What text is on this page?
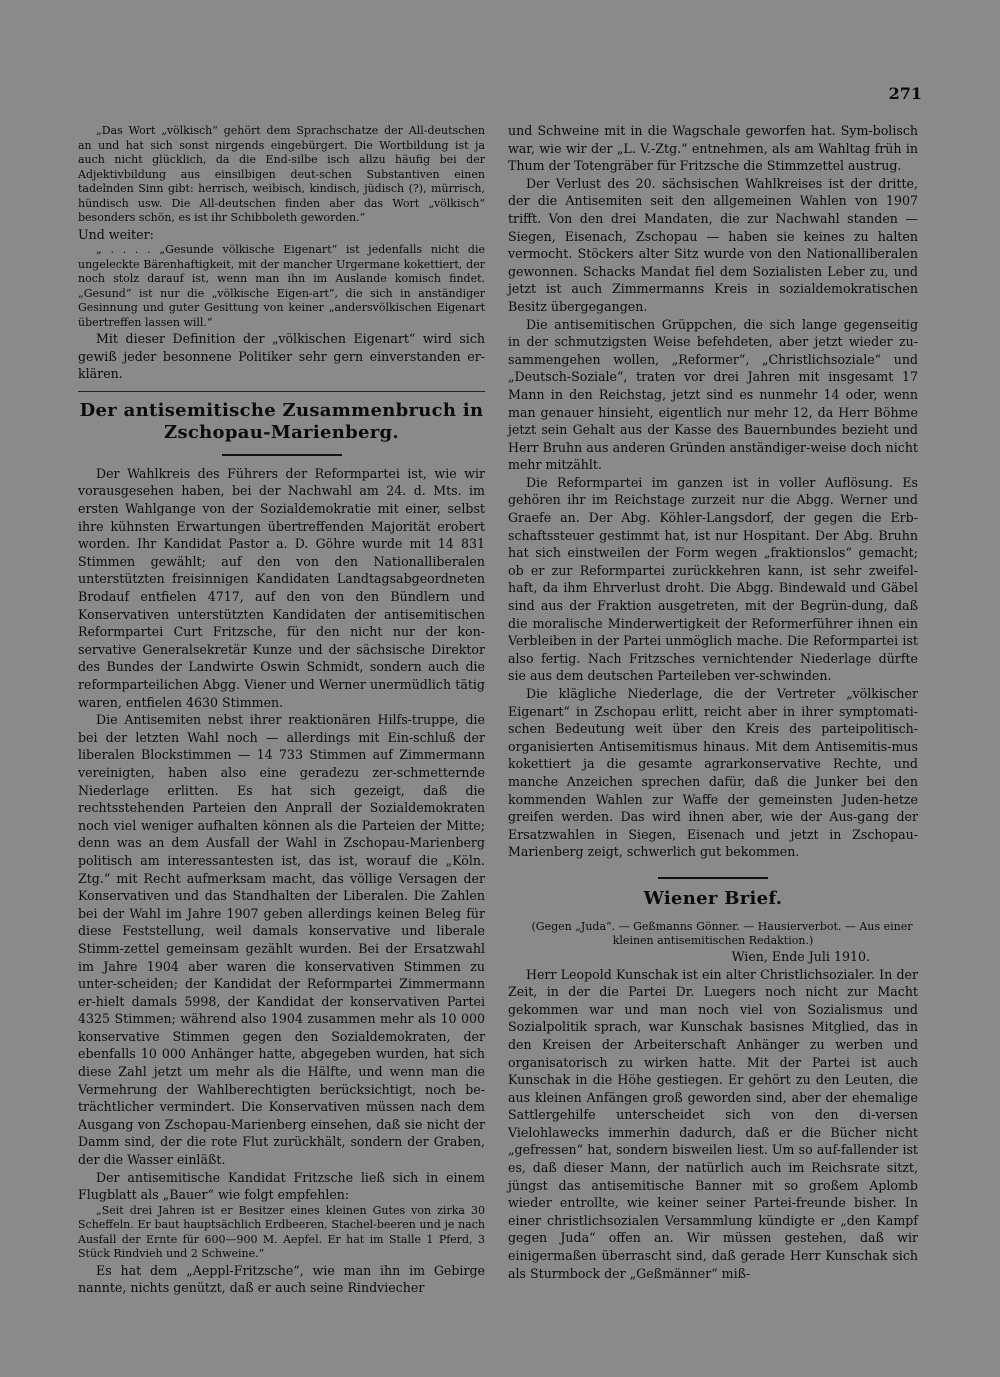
271

„Das Wort „völkisch“ gehört dem Sprachschatze der All-deutschen an und hat sich sonst nirgends eingebürgert. Die Wortbildung ist ja auch nicht glücklich, da die End-silbe isch allzu häufig bei der Adjektivbildung aus einsilbigen deut-schen Substantiven einen tadelnden Sinn gibt: herrisch, weibisch, kindisch, jüdisch (?), mürrisch, hündisch usw. Die All-deutschen finden aber das Wort „völkisch“ besonders schön, es ist ihr Schibboleth geworden.“

Und weiter:

„ . . . . „Gesunde völkische Eigenart“ ist jedenfalls nicht die ungeleckte Bärenhaftigkeit, mit der mancher Urgermane kokettiert, der noch stolz darauf ist, wenn man ihn im Auslande komisch findet. „Gesund“ ist nur die „völkische Eigen-art“, die sich in anständiger Gesinnung und guter Gesittung von keiner „andersvölkischen Eigenart übertreffen lassen will.“

Mit dieser Definition der „völkischen Eigenart“ wird sich gewiß jeder besonnene Politiker sehr gern einverstanden er-klären.

Der antisemitische Zusammenbruch in Zschopau-Marienberg.

Der Wahlkreis des Führers der Reformpartei ist, wie wir vorausgesehen haben, bei der Nachwahl am 24. d. Mts. im ersten Wahlgange von der Sozialdemokratie mit einer, selbst ihre kühnsten Erwartungen übertreffenden Majorität erobert worden. Ihr Kandidat Pastor a. D. Göhre wurde mit 14 831 Stimmen gewählt; auf den von den Nationalliberalen unterstützten freisinnigen Kandidaten Landtagsabgeordneten Brodauf entfielen 4717, auf den von den Bündlern und Konservativen unterstützten Kandidaten der antisemitischen Reformpartei Curt Fritzsche, für den nicht nur der kon-servative Generalsekretär Kunze und der sächsische Direktor des Bundes der Landwirte Oswin Schmidt, sondern auch die reformparteilichen Abgg. Viener und Werner unermüdlich tätig waren, entfielen 4630 Stimmen.

Die Antisemiten nebst ihrer reaktionären Hilfs-truppe, die bei der letzten Wahl noch — allerdings mit Ein-schluß der liberalen Blockstimmen — 14 733 Stimmen auf Zimmermann vereinigten, haben also eine geradezu zer-schmetternde Niederlage erlitten. Es hat sich gezeigt, daß die rechtsstehenden Parteien den Anprall der Sozialdemokraten noch viel weniger aufhalten können als die Parteien der Mitte; denn was an dem Ausfall der Wahl in Zschopau-Marienberg politisch am interessantesten ist, das ist, worauf die „Köln. Ztg.“ mit Recht aufmerksam macht, das völlige Versagen der Konservativen und das Standhalten der Liberalen. Die Zahlen bei der Wahl im Jahre 1907 geben allerdings keinen Beleg für diese Feststellung, weil damals konservative und liberale Stimm-zettel gemeinsam gezählt wurden. Bei der Ersatzwahl im Jahre 1904 aber waren die konservativen Stimmen zu unter-scheiden; der Kandidat der Reformpartei Zimmermann er-hielt damals 5998, der Kandidat der konservativen Partei 4325 Stimmen; während also 1904 zusammen mehr als 10 000 konservative Stimmen gegen den Sozialdemokraten, der ebenfalls 10 000 Anhänger hatte, abgegeben wurden, hat sich diese Zahl jetzt um mehr als die Hälfte, und wenn man die Vermehrung der Wahlberechtigten berücksichtigt, noch be-trächtlicher vermindert. Die Konservativen müssen nach dem Ausgang von Zschopau-Marienberg einsehen, daß sie nicht der Damm sind, der die rote Flut zurückhält, sondern der Graben, der die Wasser einläßt.

Der antisemitische Kandidat Fritzsche ließ sich in einem Flugblatt als „Bauer“ wie folgt empfehlen:

„Seit drei Jahren ist er Besitzer eines kleinen Gutes von zirka 30 Scheffeln. Er baut hauptsächlich Erdbeeren, Stachel-beeren und je nach Ausfall der Ernte für 600—900 M. Aepfel. Er hat im Stalle 1 Pferd, 3 Stück Rindvieh und 2 Schweine.“

Es hat dem „Aeppl-Fritzsche“, wie man ihn im Gebirge nannte, nichts genützt, daß er auch seine Rindviecher

und Schweine mit in die Wagschale geworfen hat. Sym-bolisch war, wie wir der „L. V.-Ztg.“ entnehmen, als am Wahltag früh in Thum der Totengräber für Fritzsche die Stimmzettel austrug.

Der Verlust des 20. sächsischen Wahlkreises ist der dritte, der die Antisemiten seit den allgemeinen Wahlen von 1907 trifft. Von den drei Mandaten, die zur Nachwahl standen — Siegen, Eisenach, Zschopau — haben sie keines zu halten vermocht. Stöckers alter Sitz wurde von den Nationalliberalen gewonnen. Schacks Mandat fiel dem Sozialisten Leber zu, und jetzt ist auch Zimmermanns Kreis in sozialdemokratischen Besitz übergegangen.

Die antisemitischen Grüppchen, die sich lange gegenseitig in der schmutzigsten Weise befehdeten, aber jetzt wieder zu-sammengehen wollen, „Reformer“, „Christlichsoziale“ und „Deutsch-Soziale“, traten vor drei Jahren mit insgesamt 17 Mann in den Reichstag, jetzt sind es nunmehr 14 oder, wenn man genauer hinsieht, eigentlich nur mehr 12, da Herr Böhme jetzt sein Gehalt aus der Kasse des Bauernbundes bezieht und Herr Bruhn aus anderen Gründen anständiger-weise doch nicht mehr mitzählt.

Die Reformpartei im ganzen ist in voller Auflösung. Es gehören ihr im Reichstage zurzeit nur die Abgg. Werner und Graefe an. Der Abg. Köhler-Langsdorf, der gegen die Erb-schaftssteuer gestimmt hat, ist nur Hospitant. Der Abg. Bruhn hat sich einstweilen der Form wegen „fraktionslos“ gemacht; ob er zur Reformpartei zurückkehren kann, ist sehr zweifel-haft, da ihm Ehrverlust droht. Die Abgg. Bindewald und Gäbel sind aus der Fraktion ausgetreten, mit der Begrün-dung, daß die moralische Minderwertigkeit der Reformerführer ihnen ein Verbleiben in der Partei unmöglich mache. Die Reformpartei ist also fertig. Nach Fritzsches vernichtender Niederlage dürfte sie aus dem deutschen Parteileben ver-schwinden.

Die klägliche Niederlage, die der Vertreter „völkischer Eigenart“ in Zschopau erlitt, reicht aber in ihrer symptomati-schen Bedeutung weit über den Kreis des parteipolitisch-organisierten Antisemitismus hinaus. Mit dem Antisemitis-mus kokettiert ja die gesamte agrarkonservative Rechte, und manche Anzeichen sprechen dafür, daß die Junker bei den kommenden Wahlen zur Waffe der gemeinsten Juden-hetze greifen werden. Das wird ihnen aber, wie der Aus-gang der Ersatzwahlen in Siegen, Eisenach und jetzt in Zschopau-Marienberg zeigt, schwerlich gut bekommen.

Wiener Brief.

(Gegen „Juda“. — Geßmanns Gönner. — Hausierverbot. — Aus einer kleinen antisemitischen Redaktion.)

Wien, Ende Juli 1910.

Herr Leopold Kunschak ist ein alter Christlichsozialer. In der Zeit, in der die Partei Dr. Luegers noch nicht zur Macht gekommen war und man noch viel von Sozialismus und Sozialpolitik sprach, war Kunschak basisnes Mitglied, das in den Kreisen der Arbeiterschaft Anhänger zu werben und organisatorisch zu wirken hatte. Mit der Partei ist auch Kunschak in die Höhe gestiegen. Er gehört zu den Leuten, die aus kleinen Anfängen groß geworden sind, aber der ehemalige Sattlergehilfe unterscheidet sich von den di-versen Vielohlawecks immerhin dadurch, daß er die Bücher nicht „gefressen“ hat, sondern bisweilen liest. Um so auf-fallender ist es, daß dieser Mann, der natürlich auch im Reichsrate sitzt, jüngst das antisemitische Banner mit so großem Aplomb wieder entrollte, wie keiner seiner Partei-freunde bisher. In einer christlichsozialen Versammlung kündigte er „den Kampf gegen Juda“ offen an. Wir müssen gestehen, daß wir einigermaßen überrascht sind, daß gerade Herr Kunschak sich als Sturmbock der „Geßmänner“ miß-
